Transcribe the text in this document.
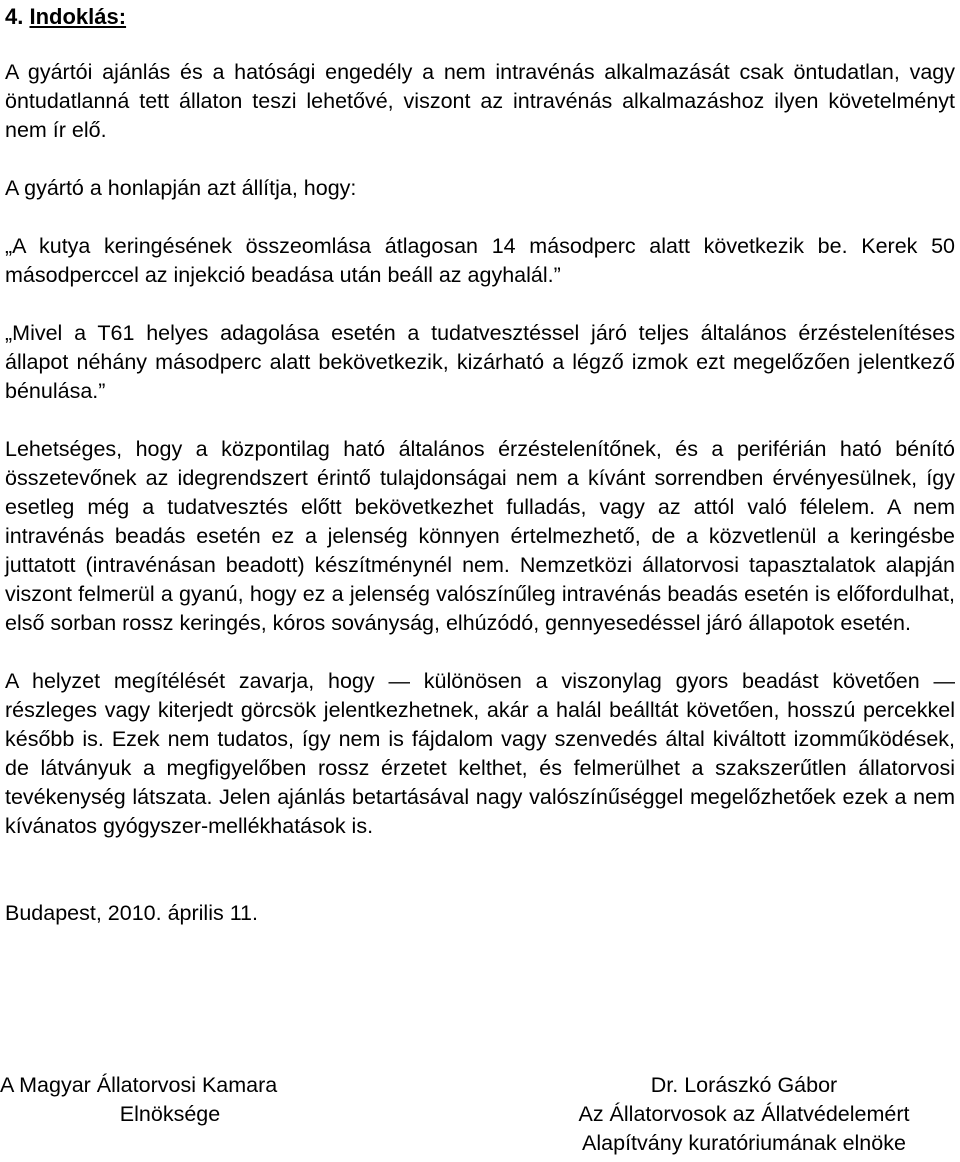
4. Indoklás:

A gyártói ajánlás és a hatósági engedély a nem intravénás alkalmazását csak öntudatlan, vagy öntudatlanná tett állaton teszi lehetővé, viszont az intravénás alkalmazáshoz ilyen követelményt nem ír elő.

A gyártó a honlapján azt állítja, hogy:

„A kutya keringésének összeomlása átlagosan 14 másodperc alatt következik be. Kerek 50 másodperccel az injekció beadása után beáll az agyhalál.”

„Mivel a T61 helyes adagolása esetén a tudatvesztéssel járó teljes általános érzéstelenítéses állapot néhány másodperc alatt bekövetkezik, kizárható a légző izmok ezt megelőzően jelentkező bénulása.”

Lehetséges, hogy a központilag ható általános érzéstelenítőnek, és a periférián ható bénító összetevőnek az idegrendszert érintő tulajdonságai nem a kívánt sorrendben érvényesülnek, így esetleg még a tudatvesztés előtt bekövetkezhet fulladás, vagy az attól való félelem. A nem intravénás beadás esetén ez a jelenség könnyen értelmezhető, de a közvetlenül a keringésbe juttatott (intravénásan beadott) készítménynél nem. Nemzetközi állatorvosi tapasztalatok alapján viszont felmerül a gyanú, hogy ez a jelenség valószínűleg intravénás beadás esetén is előfordulhat, első sorban rossz keringés, kóros soványság, elhúzódó, gennyesedéssel járó állapotok esetén.

A helyzet megítélését zavarja, hogy — különösen a viszonylag gyors beadást követően — részleges vagy kiterjedt görcsök jelentkezhetnek, akár a halál beálltát követően, hosszú percekkel később is. Ezek nem tudatos, így nem is fájdalom vagy szenvedés által kiváltott izomműködések, de látványuk a megfigyelőben rossz érzetet kelthet, és felmerülhet a szakszerűtlen állatorvosi tevékenység látszata. Jelen ajánlás betartásával nagy valószínűséggel megelőzhetőek ezek a nem kívánatos gyógyszer-mellékhatások is.

Budapest, 2010. április 11.

A Magyar Állatorvosi Kamara
Elnöksége
Dr. Lorászkó Gábor
Az Állatorvosok az Állatvédelemért
Alapítvány kuratóriumának elnöke
